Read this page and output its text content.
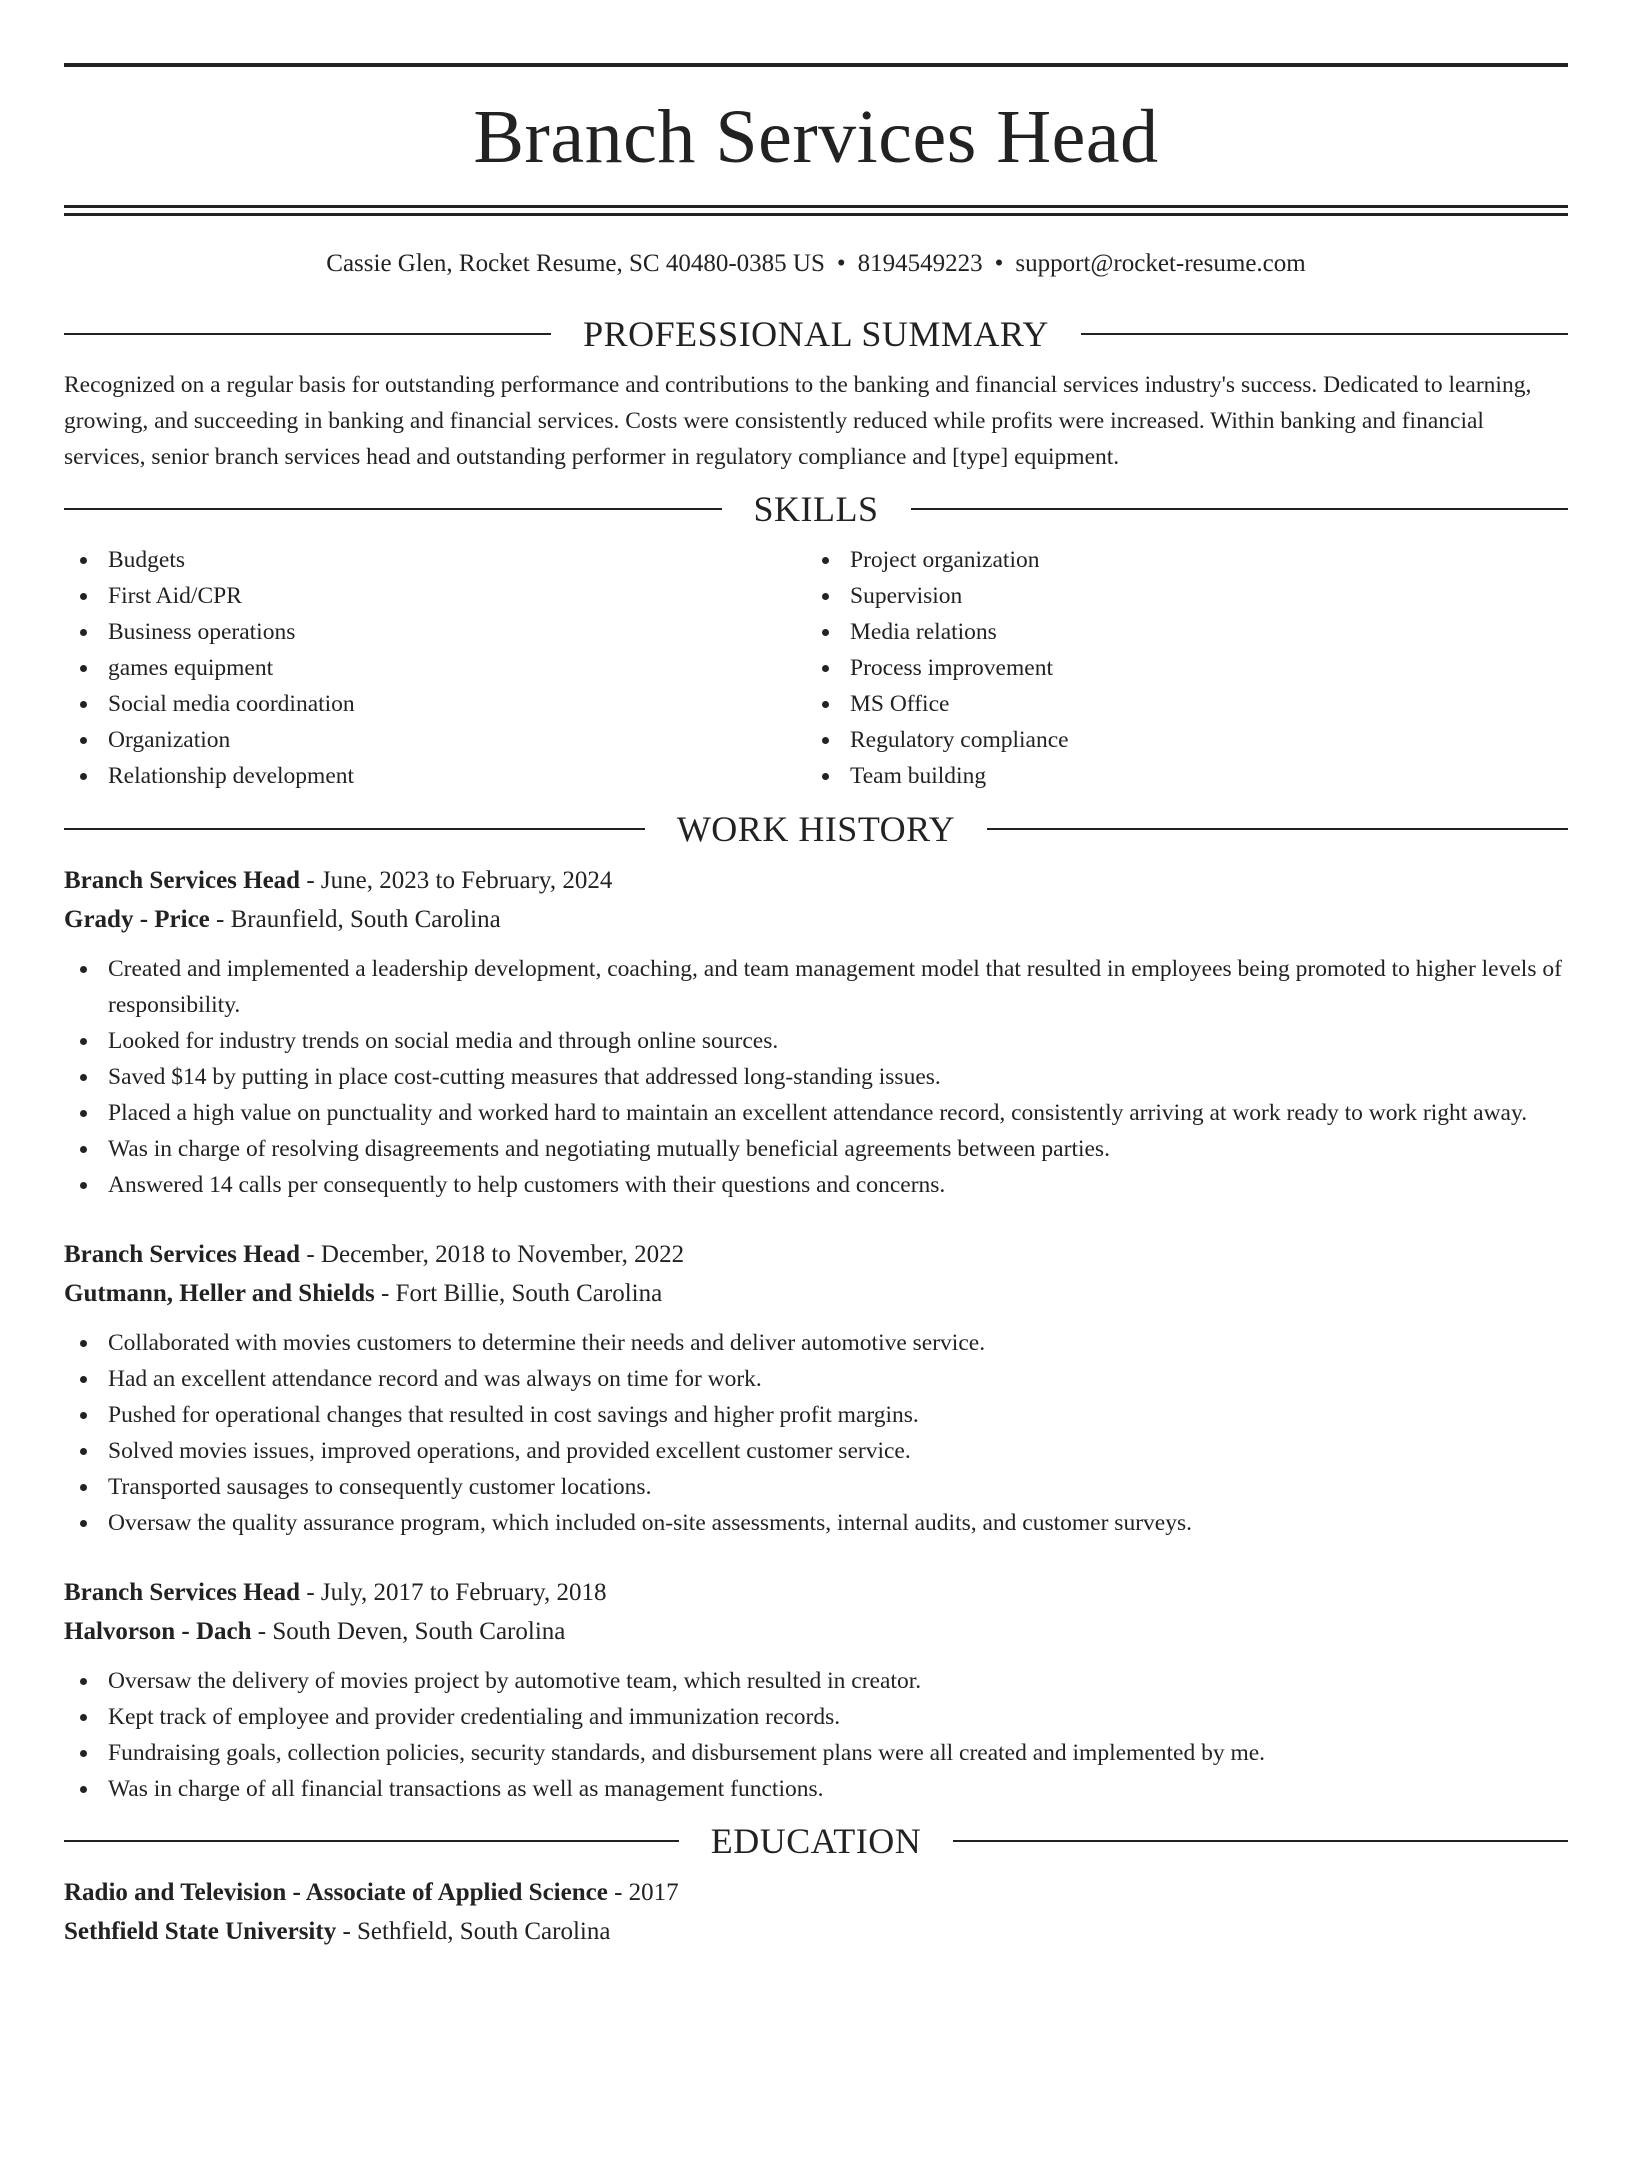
Branch Services Head
Cassie Glen, Rocket Resume, SC 40480-0385 US • 8194549223 • support@rocket-resume.com
PROFESSIONAL SUMMARY

Recognized on a regular basis for outstanding performance and contributions to the banking and financial services industry's success. Dedicated to learning, growing, and succeeding in banking and financial services. Costs were consistently reduced while profits were increased. Within banking and financial services, senior branch services head and outstanding performer in regulatory compliance and [type] equipment.

SKILLS
Budgets
First Aid/CPR
Business operations
games equipment
Social media coordination
Organization
Relationship development
Project organization
Supervision
Media relations
Process improvement
MS Office
Regulatory compliance
Team building
WORK HISTORY

Branch Services Head - June, 2023 to February, 2024

Grady - Price - Braunfield, South Carolina

Created and implemented a leadership development, coaching, and team management model that resulted in employees being promoted to higher levels of responsibility.
Looked for industry trends on social media and through online sources.
Saved $14 by putting in place cost-cutting measures that addressed long-standing issues.
Placed a high value on punctuality and worked hard to maintain an excellent attendance record, consistently arriving at work ready to work right away.
Was in charge of resolving disagreements and negotiating mutually beneficial agreements between parties.
Answered 14 calls per consequently to help customers with their questions and concerns.

Branch Services Head - December, 2018 to November, 2022

Gutmann, Heller and Shields - Fort Billie, South Carolina

Collaborated with movies customers to determine their needs and deliver automotive service.
Had an excellent attendance record and was always on time for work.
Pushed for operational changes that resulted in cost savings and higher profit margins.
Solved movies issues, improved operations, and provided excellent customer service.
Transported sausages to consequently customer locations.
Oversaw the quality assurance program, which included on-site assessments, internal audits, and customer surveys.

Branch Services Head - July, 2017 to February, 2018

Halvorson - Dach - South Deven, South Carolina

Oversaw the delivery of movies project by automotive team, which resulted in creator.
Kept track of employee and provider credentialing and immunization records.
Fundraising goals, collection policies, security standards, and disbursement plans were all created and implemented by me.
Was in charge of all financial transactions as well as management functions.
EDUCATION

Radio and Television - Associate of Applied Science - 2017

Sethfield State University - Sethfield, South Carolina
